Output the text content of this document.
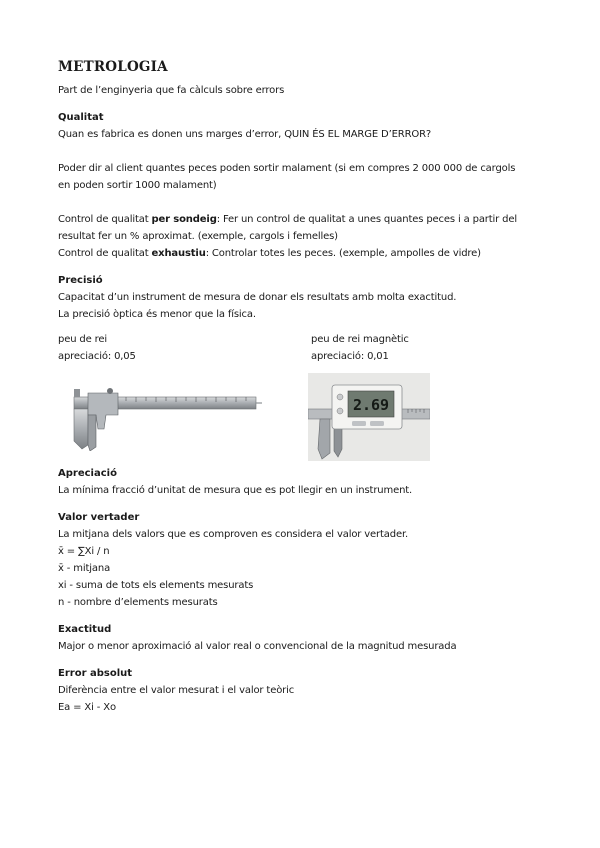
METROLOGIA

Part de l’enginyeria que fa càlculs sobre errors

Qualitat

Quan es fabrica es donen uns marges d’error, QUIN ÉS EL MARGE D’ERROR?

Poder dir al client quantes peces poden sortir malament (si em compres 2 000 000 de cargols

en poden sortir 1000 malament)

Control de qualitat per sondeig: Fer un control de qualitat a unes quantes peces i a partir del

resultat fer un % aproximat. (exemple, cargols i femelles)

Control de qualitat exhaustiu: Controlar totes les peces. (exemple, ampolles de vidre)

Precisió

Capacitat d’un instrument de mesura de donar els resultats amb molta exactitud.

La precisió òptica és menor que la física.

peu de rei

apreciació: 0,05

peu de rei magnètic

apreciació: 0,01

2.69

Apreciació

La mínima fracció d’unitat de mesura que es pot llegir en un instrument.

Valor vertader

La mitjana dels valors que es comproven es considera el valor vertader.

x̄ = ∑Xi / n

x̄ - mitjana

xi - suma de tots els elements mesurats

n - nombre d’elements mesurats

Exactitud

Major o menor aproximació al valor real o convencional de la magnitud mesurada

Error absolut

Diferència entre el valor mesurat i el valor teòric

Ea = Xi - Xo
